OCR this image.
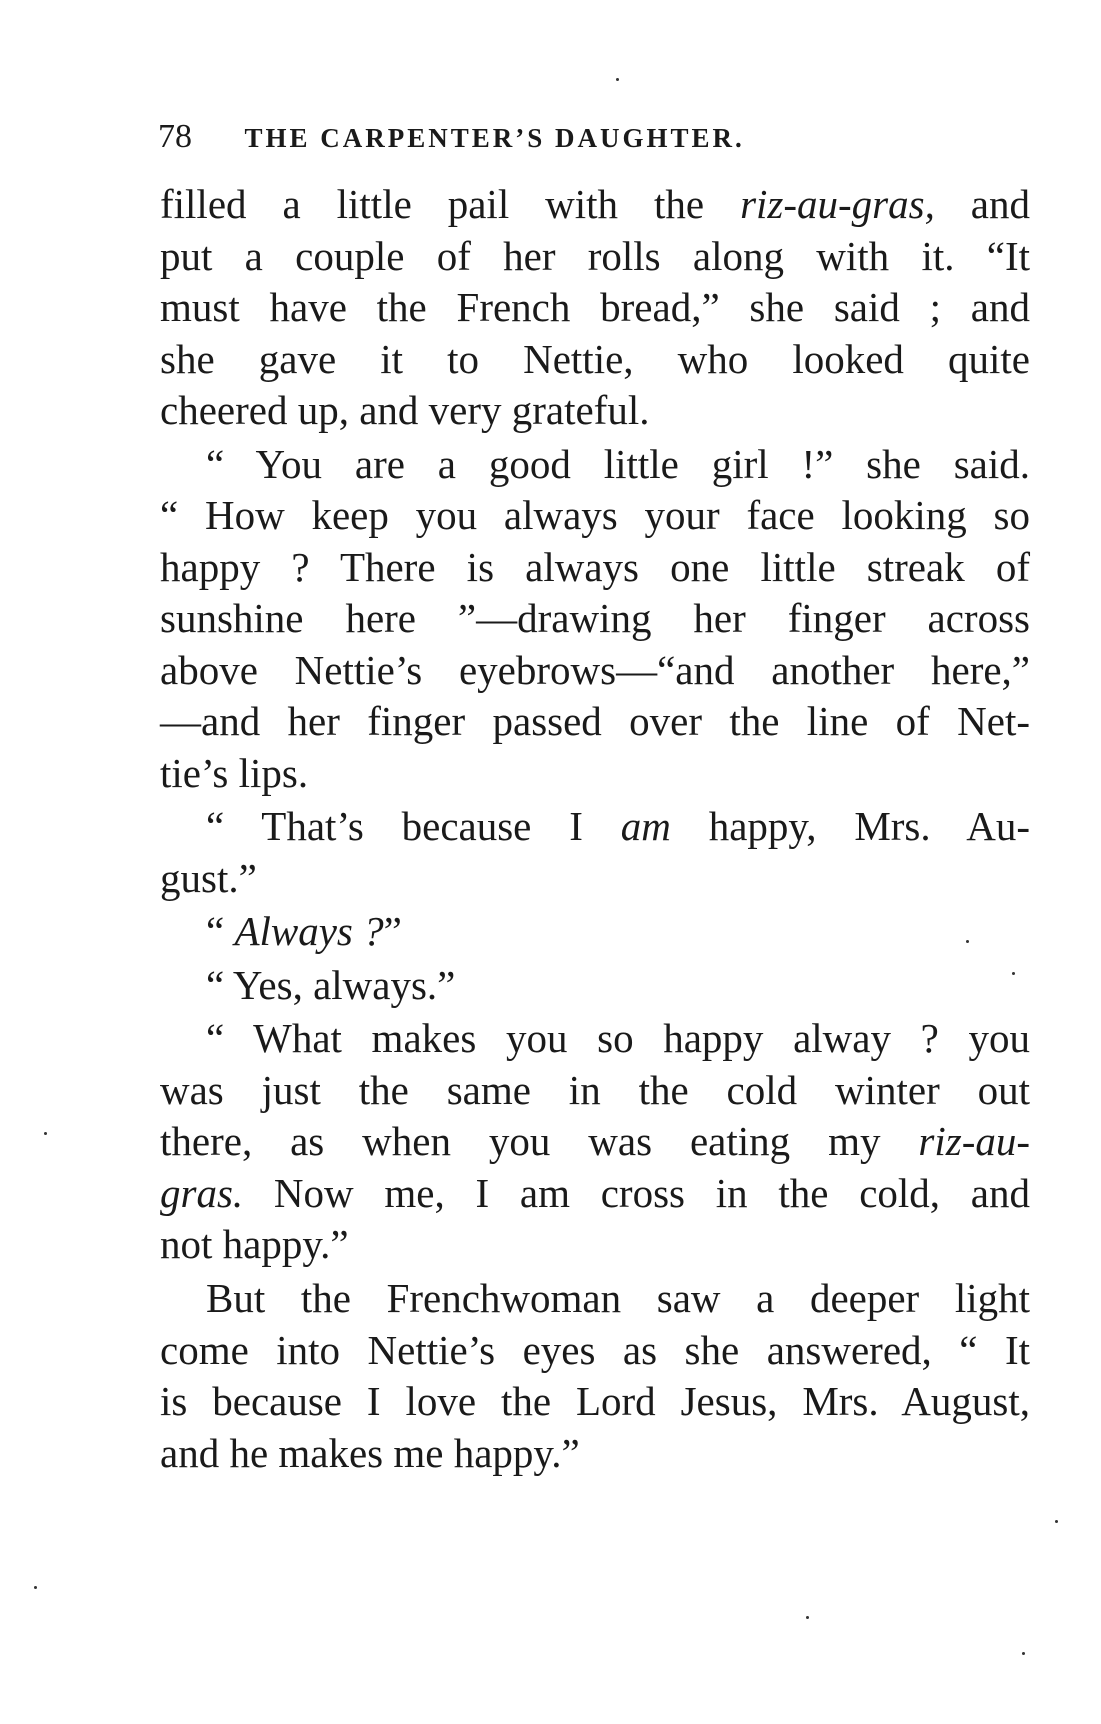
78 THE CARPENTER’S DAUGHTER.
filled a little pail with the riz-au-gras, and
put a couple of her rolls along with it. “It
must have the French bread,” she said ; and
she gave it to Nettie, who looked quite
cheered up, and very grateful.
“ You are a good little girl !” she said.
“ How keep you always your face looking so
happy ? There is always one little streak of
sunshine here ”—drawing her finger across
above Nettie’s eyebrows—“and another here,”
—and her finger passed over the line of Net-
tie’s lips.
“ That’s because I am happy, Mrs. Au-
gust.”
“ Always ?”
“ Yes, always.”
“ What makes you so happy alway ? you
was just the same in the cold winter out
there, as when you was eating my riz-au-
gras. Now me, I am cross in the cold, and
not happy.”
But the Frenchwoman saw a deeper light
come into Nettie’s eyes as she answered, “ It
is because I love the Lord Jesus, Mrs. August,
and he makes me happy.”
